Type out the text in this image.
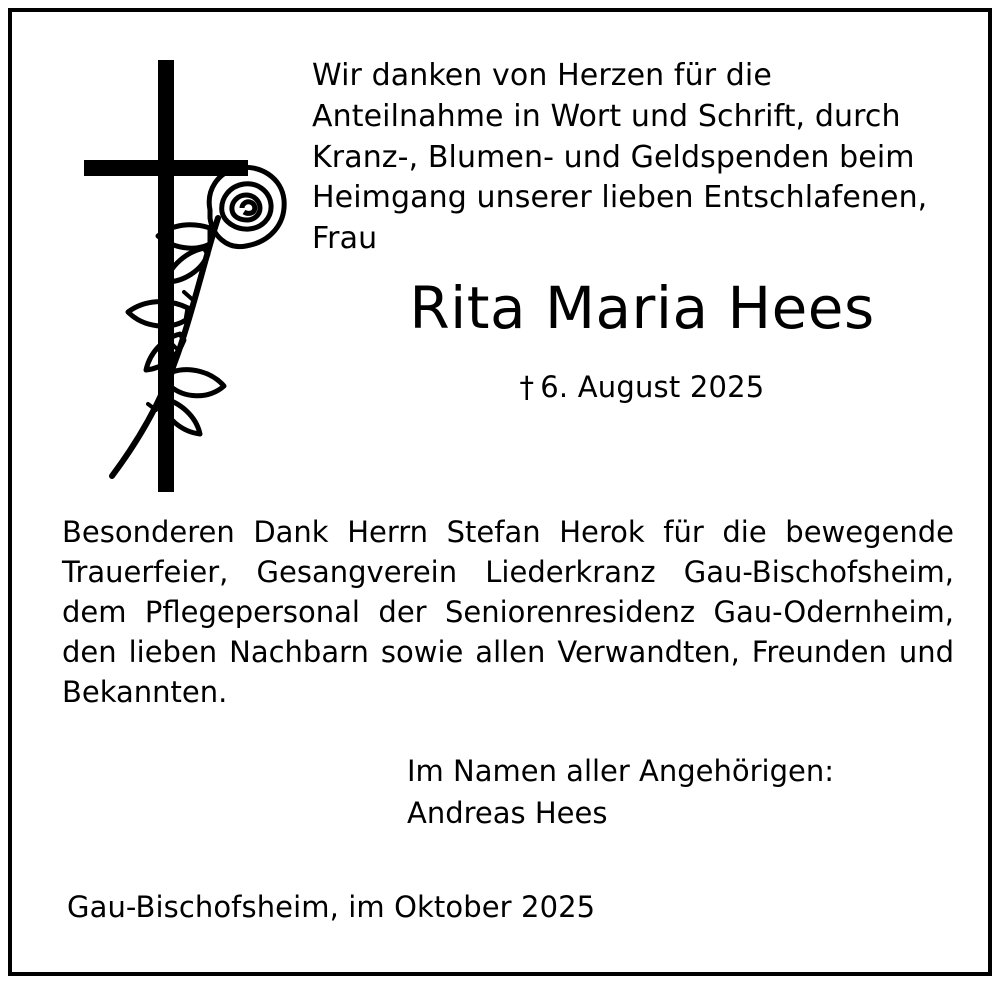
Wir danken von Herzen für die Anteilnahme in Wort und Schrift, durch Kranz-, Blumen- und Geldspenden beim Heimgang unserer lieben Entschlafenen, Frau
Rita Maria Hees
† 6. August 2025
Besonderen Dank Herrn Stefan Herok für die bewegende Trauerfeier, Gesangverein Liederkranz Gau-Bischofsheim, dem Pflegepersonal der Seniorenresidenz Gau-Odernheim, den lieben Nachbarn sowie allen Verwandten, Freunden und Bekannten.
Im Namen aller Angehörigen:
Andreas Hees
Gau-Bischofsheim, im Oktober 2025
